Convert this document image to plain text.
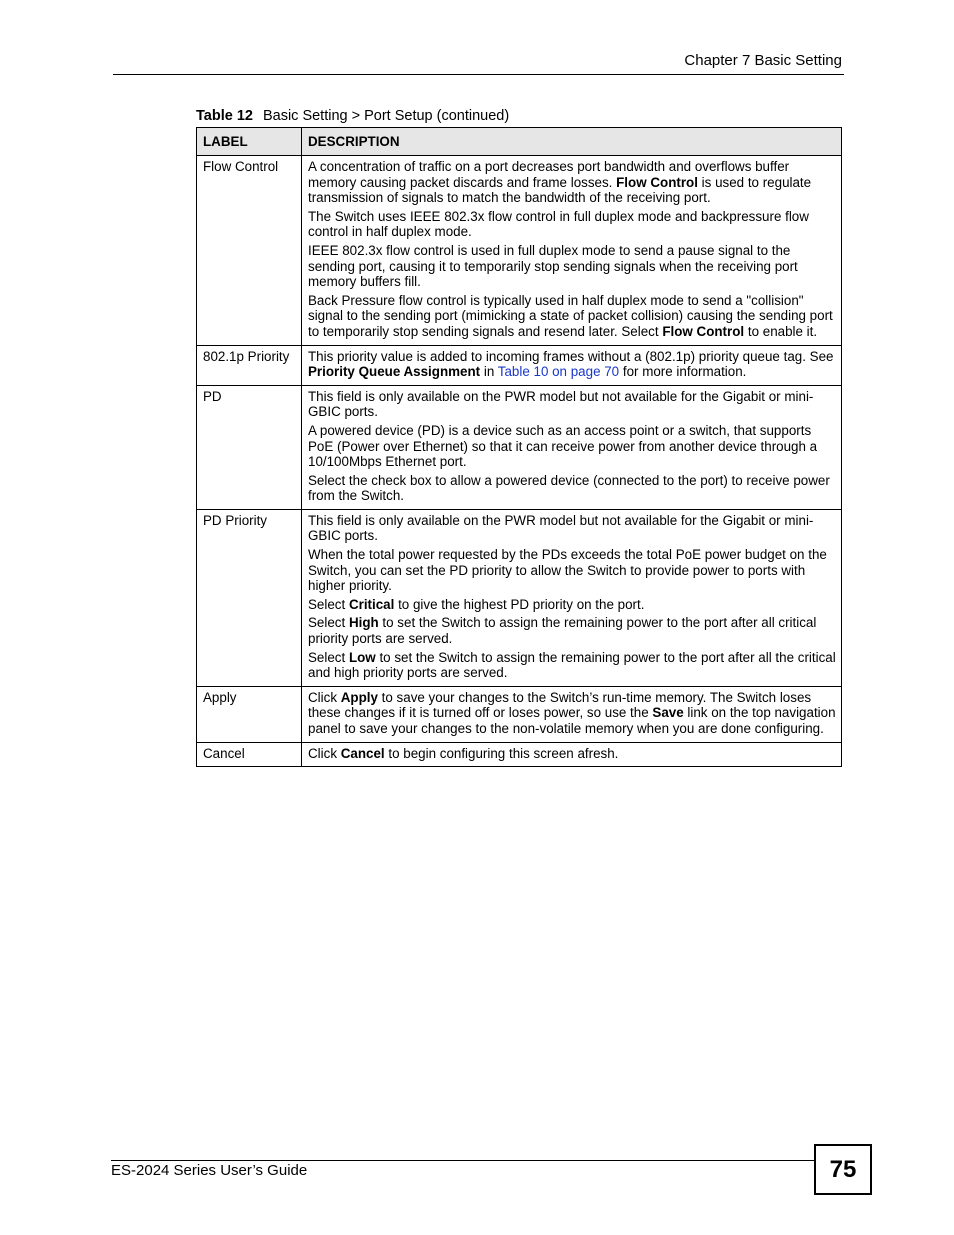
Chapter 7 Basic Setting
Table 12 Basic Setting > Port Setup (continued)
LABEL	DESCRIPTION
Flow Control	A concentration of traffic on a port decreases port bandwidth and overflows buffer memory causing packet discards and frame losses. Flow Control is used to regulate transmission of signals to match the bandwidth of the receiving port.

The Switch uses IEEE 802.3x flow control in full duplex mode and backpressure flow control in half duplex mode.

IEEE 802.3x flow control is used in full duplex mode to send a pause signal to the sending port, causing it to temporarily stop sending signals when the receiving port memory buffers fill.

Back Pressure flow control is typically used in half duplex mode to send a "collision" signal to the sending port (mimicking a state of packet collision) causing the sending port to temporarily stop sending signals and resend later. Select Flow Control to enable it.

802.1p Priority	This priority value is added to incoming frames without a (802.1p) priority queue tag. See Priority Queue Assignment in Table 10 on page 70 for more information.

PD	This field is only available on the PWR model but not available for the Gigabit or mini-GBIC ports.

A powered device (PD) is a device such as an access point or a switch, that supports PoE (Power over Ethernet) so that it can receive power from another device through a 10/100Mbps Ethernet port.

Select the check box to allow a powered device (connected to the port) to receive power from the Switch.

PD Priority	This field is only available on the PWR model but not available for the Gigabit or mini-GBIC ports.

When the total power requested by the PDs exceeds the total PoE power budget on the Switch, you can set the PD priority to allow the Switch to provide power to ports with higher priority.

Select Critical to give the highest PD priority on the port.

Select High to set the Switch to assign the remaining power to the port after all critical priority ports are served.

Select Low to set the Switch to assign the remaining power to the port after all the critical and high priority ports are served.

Apply	Click Apply to save your changes to the Switch’s run-time memory. The Switch loses these changes if it is turned off or loses power, so use the Save link on the top navigation panel to save your changes to the non-volatile memory when you are done configuring.

Cancel	Click Cancel to begin configuring this screen afresh.

ES-2024 Series User’s Guide	75
